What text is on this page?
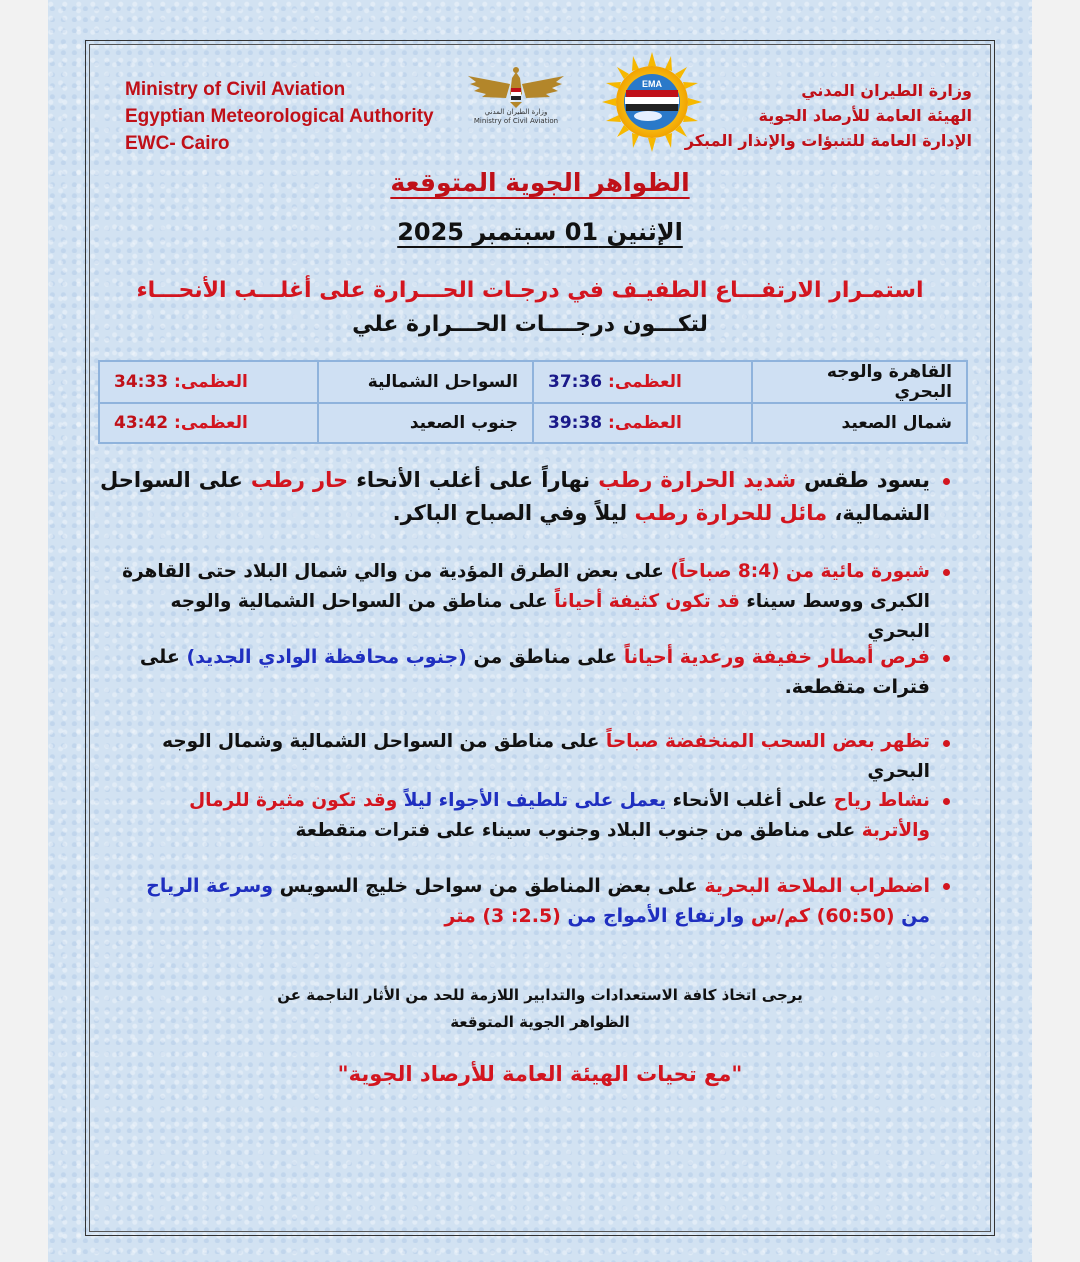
Ministry of Civil Aviation
Egyptian Meteorological Authority
EWC- Cairo
وزارة الطيران المدني
الهيئة العامة للأرصاد الجوية
الإدارة العامة للتنبؤات والإنذار المبكر
وزارة الطيران المدني
Ministry of Civil Aviation
EMA
الظواهر الجوية المتوقعة
الإثنين 01 سبتمبر 2025
استمـرار الارتفـــاع الطفيـف في درجـات الحـــرارة على أغلـــب الأنحـــاء
لتكـــون درجــــات الحـــرارة علي
القاهرة والوجه البحري	العظمى: 37:36	السواحل الشمالية	العظمى: 34:33
شمال الصعيد	العظمى: 39:38	جنوب الصعيد	العظمى: 43:42
يسود طقس شديد الحرارة رطب نهاراً على أغلب الأنحاء حار رطب على السواحل الشمالية، مائل للحرارة رطب ليلاً وفي الصباح الباكر.
شبورة مائية من (8:4 صباحاً) على بعض الطرق المؤدية من والي شمال البلاد حتى القاهرة الكبرى ووسط سيناء قد تكون كثيفة أحياناً على مناطق من السواحل الشمالية والوجه البحري
فرص أمطار خفيفة ورعدية أحياناً على مناطق من (جنوب محافظة الوادي الجديد) على فترات متقطعة.
تظهر بعض السحب المنخفضة صباحاً على مناطق من السواحل الشمالية وشمال الوجه البحري
نشاط رياح على أغلب الأنحاء يعمل على تلطيف الأجواء ليلاً وقد تكون مثيرة للرمال والأتربة على مناطق من جنوب البلاد وجنوب سيناء على فترات متقطعة
اضطراب الملاحة البحرية على بعض المناطق من سواحل خليج السويس وسرعة الرياح من (60:50) كم/س وارتفاع الأمواج من (2.5: 3) متر
يرجى اتخاذ كافة الاستعدادات والتدابير اللازمة للحد من الأثار الناجمة عن
الظواهر الجوية المتوقعة
"مع تحيات الهيئة العامة للأرصاد الجوية"
